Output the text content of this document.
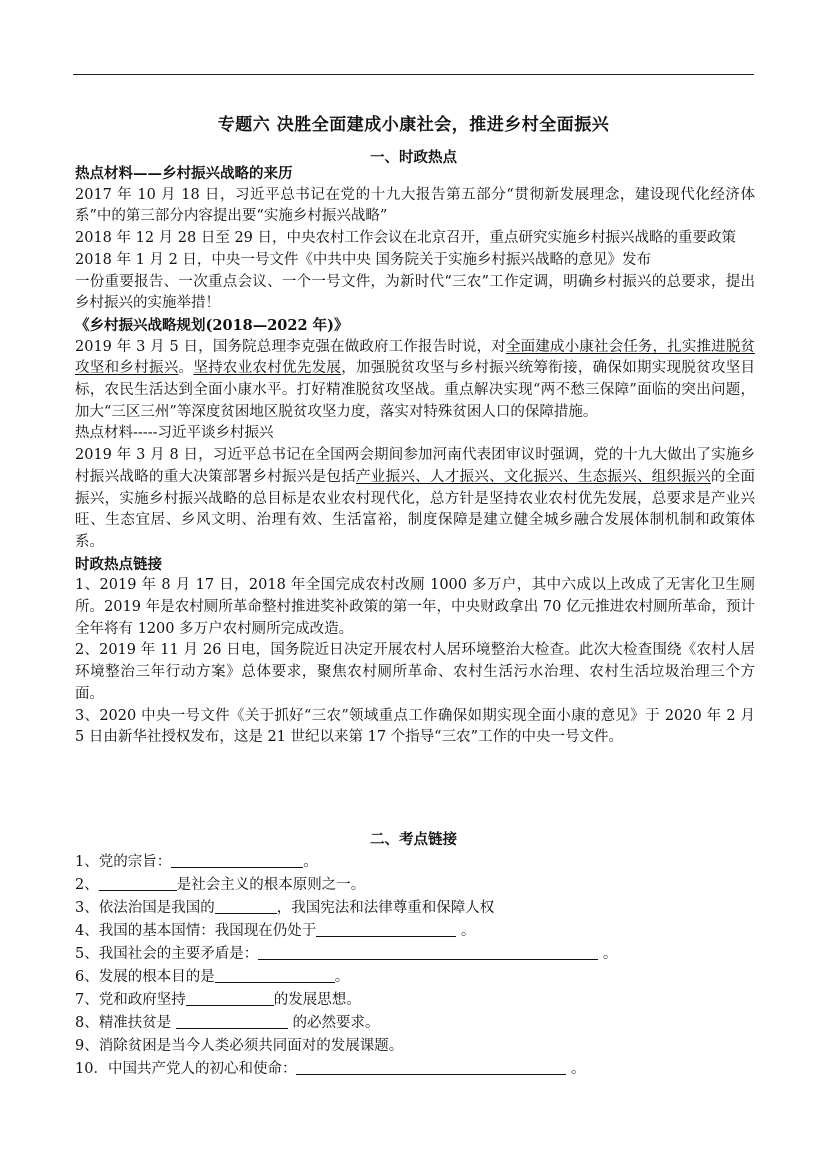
专题六 决胜全面建成小康社会，推进乡村全面振兴
一、时政热点

热点材料——乡村振兴战略的来历

2017 年 10 月 18 日，习近平总书记在党的十九大报告第五部分“贯彻新发展理念，建设现代化经济体系”中的第三部分内容提出要“实施乡村振兴战略”

2018 年 12 月 28 日至 29 日，中央农村工作会议在北京召开，重点研究实施乡村振兴战略的重要政策

2018 年 1 月 2 日，中央一号文件《中共中央 国务院关于实施乡村振兴战略的意见》发布

一份重要报告、一次重点会议、一个一号文件，为新时代“三农”工作定调，明确乡村振兴的总要求，提出乡村振兴的实施举措！

《乡村振兴战略规划(2018—2022 年)》

2019 年 3 月 5 日，国务院总理李克强在做政府工作报告时说，对全面建成小康社会任务，扎实推进脱贫攻坚和乡村振兴。坚持农业农村优先发展，加强脱贫攻坚与乡村振兴统筹衔接，确保如期实现脱贫攻坚目标，农民生活达到全面小康水平。打好精准脱贫攻坚战。重点解决实现“两不愁三保障”面临的突出问题，加大“三区三州”等深度贫困地区脱贫攻坚力度，落实对特殊贫困人口的保障措施。

热点材料-----习近平谈乡村振兴

2019 年 3 月 8 日，习近平总书记在全国两会期间参加河南代表团审议时强调，党的十九大做出了实施乡村振兴战略的重大决策部署乡村振兴是包括产业振兴、人才振兴、文化振兴、生态振兴、组织振兴的全面振兴，实施乡村振兴战略的总目标是农业农村现代化，总方针是坚持农业农村优先发展，总要求是产业兴旺、生态宜居、乡风文明、治理有效、生活富裕，制度保障是建立健全城乡融合发展体制机制和政策体系。

时政热点链接

1、2019 年 8 月 17 日，2018 年全国完成农村改厕 1000 多万户，其中六成以上改成了无害化卫生厕所。2019 年是农村厕所革命整村推进奖补政策的第一年，中央财政拿出 70 亿元推进农村厕所革命，预计全年将有 1200 多万户农村厕所完成改造。

2、2019 年 11 月 26 日电，国务院近日决定开展农村人居环境整治大检查。此次大检查围绕《农村人居环境整治三年行动方案》总体要求，聚焦农村厕所革命、农村生活污水治理、农村生活垃圾治理三个方面。

3、2020 中央一号文件《关于抓好“三农”领域重点工作确保如期实现全面小康的意见》于 2020 年 2 月 5 日由新华社授权发布，这是 21 世纪以来第 17 个指导“三农”工作的中央一号文件。

二、考点链接

1、党的宗旨：	。

2、	是社会主义的根本原则之一。

3、依法治国是我国的	，我国宪法和法律尊重和保障人权

4、我国的基本国情：我国现在仍处于	。

5、我国社会的主要矛盾是：	。

6、发展的根本目的是	。

7、党和政府坚持	的发展思想。

8、精准扶贫是	的必然要求。

9、消除贫困是当今人类必须共同面对的发展课题。

10．中国共产党人的初心和使命：	。
